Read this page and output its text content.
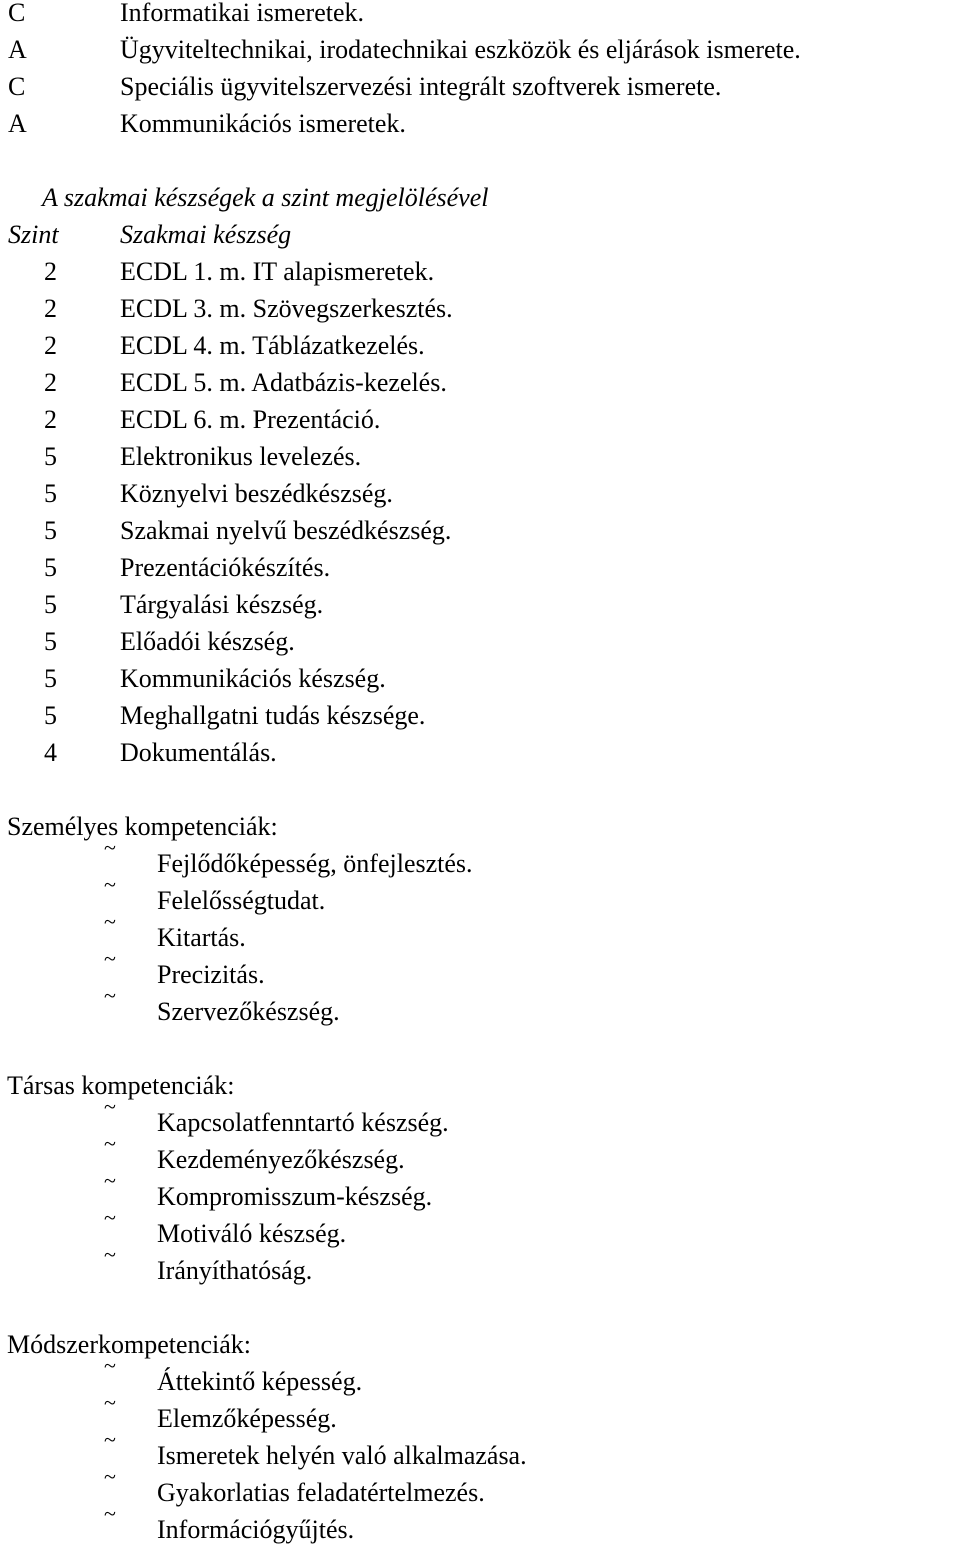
C	Informatikai ismeretek.
A	Ügyviteltechnikai, irodatechnikai eszközök és eljárások ismerete.
C	Speciális ügyvitelszervezési integrált szoftverek ismerete.
A	Kommunikációs ismeretek.
A szakmai készségek a szint megjelölésével
Szint	Szakmai készség
2	ECDL 1. m. IT alapismeretek.
2	ECDL 3. m. Szövegszerkesztés.
2	ECDL 4. m. Táblázatkezelés.
2	ECDL 5. m. Adatbázis-kezelés.
2	ECDL 6. m. Prezentáció.
5	Elektronikus levelezés.
5	Köznyelvi beszédkészség.
5	Szakmai nyelvű beszédkészség.
5	Prezentációkészítés.
5	Tárgyalási készség.
5	Előadói készség.
5	Kommunikációs készség.
5	Meghallgatni tudás készsége.
4	Dokumentálás.
Személyes kompetenciák:
~
Fejlődőképesség, önfejlesztés.
~
Felelősségtudat.
~
Kitartás.
~
Precizitás.
~
Szervezőkészség.
Társas kompetenciák:
~
Kapcsolatfenntartó készség.
~
Kezdeményezőkészség.
~
Kompromisszum-készség.
~
Motiváló készség.
~
Irányíthatóság.
Módszerkompetenciák:
~
Áttekintő képesség.
~
Elemzőképesség.
~
Ismeretek helyén való alkalmazása.
~
Gyakorlatias feladatértelmezés.
~
Információgyűjtés.
